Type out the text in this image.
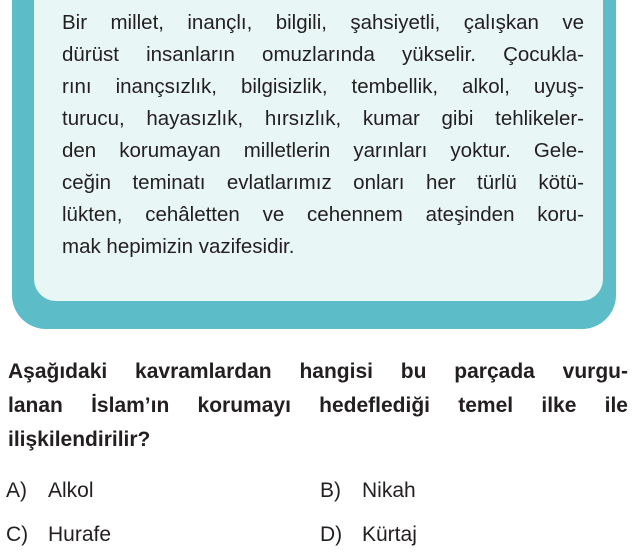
Bir millet, inançlı, bilgili, şahsiyetli, çalışkan ve
dürüst insanların omuzlarında yükselir. Çocukla-
rını inançsızlık, bilgisizlik, tembellik, alkol, uyuş-
turucu, hayasızlık, hırsızlık, kumar gibi tehlikeler-
den korumayan milletlerin yarınları yoktur. Gele-
ceğin teminatı evlatlarımız onları her türlü kötü-
lükten, cehâletten ve cehennem ateşinden koru-
mak hepimizin vazifesidir.

Aşağıdaki kavramlardan hangisi bu parçada vurgu-
lanan İslam’ın korumayı hedeflediği temel ilke ile
ilişkilendirilir?

A) Alkol	B) Nikah
C) Hurafe	D) Kürtaj
